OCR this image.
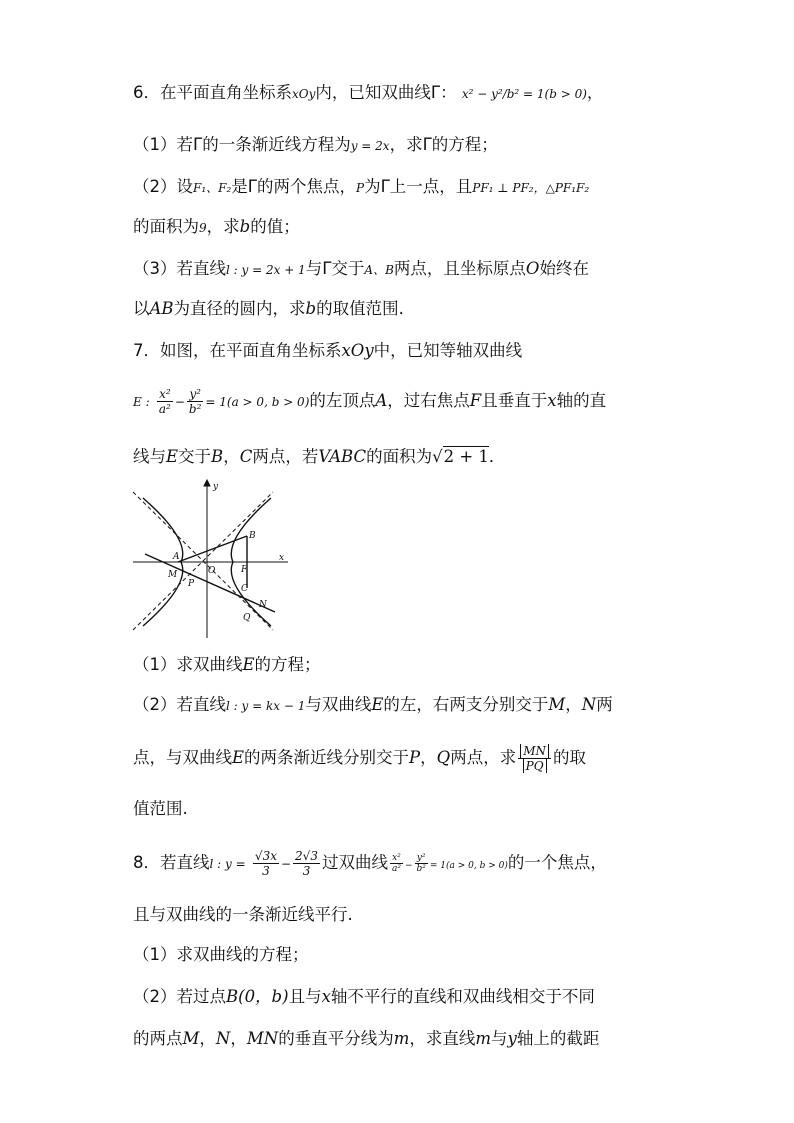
6．在平面直角坐标系xOy内，已知双曲线Γ： x² − y²/b² = 1(b > 0)，
（1）若Γ的一条渐近线方程为y = 2x，求Γ的方程；
（2）设F₁、F₂是Γ的两个焦点，P为Γ上一点，且PF₁ ⊥ PF₂，△PF₁F₂
的面积为9，求b的值；
（3）若直线l : y = 2x + 1与Γ交于A、B两点，且坐标原点O始终在
以AB为直径的圆内，求b的取值范围.
7．如图，在平面直角坐标系xOy中，已知等轴双曲线
E : $\frac{\text{x²}}{\text{a²}} - \frac{\text{y²}}{\text{b²}} = 1(a > 0$, b > 0)的左顶点A，过右焦点F且垂直于x轴的直
线与E交于B，C两点，若VABC的面积为√2 + 1．
y
x
B
A
O	F
M
P	C
N
Q
（1）求双曲线E的方程；
（2）若直线l : y = kx − 1与双曲线E的左，右两支分别交于M，N两
点，与双曲线E的两条渐近线分别交于P，Q两点，求 $\frac{MN}{PQ}$ 的取
值范围.
8．若直线l : $y = \frac{√3x}{3} - \frac{2√3}{3}$ 过双曲线 $\frac{\text{x²}}{\text{a²}} - \frac{\text{y²}}{\text{b²}} = 1(a > 0$, b > 0)的一个焦点，
且与双曲线的一条渐近线平行.
（1）求双曲线的方程；
（2）若过点B(0，b)且与x轴不平行的直线和双曲线相交于不同
的两点M，N，MN的垂直平分线为m，求直线m与y轴上的截距
